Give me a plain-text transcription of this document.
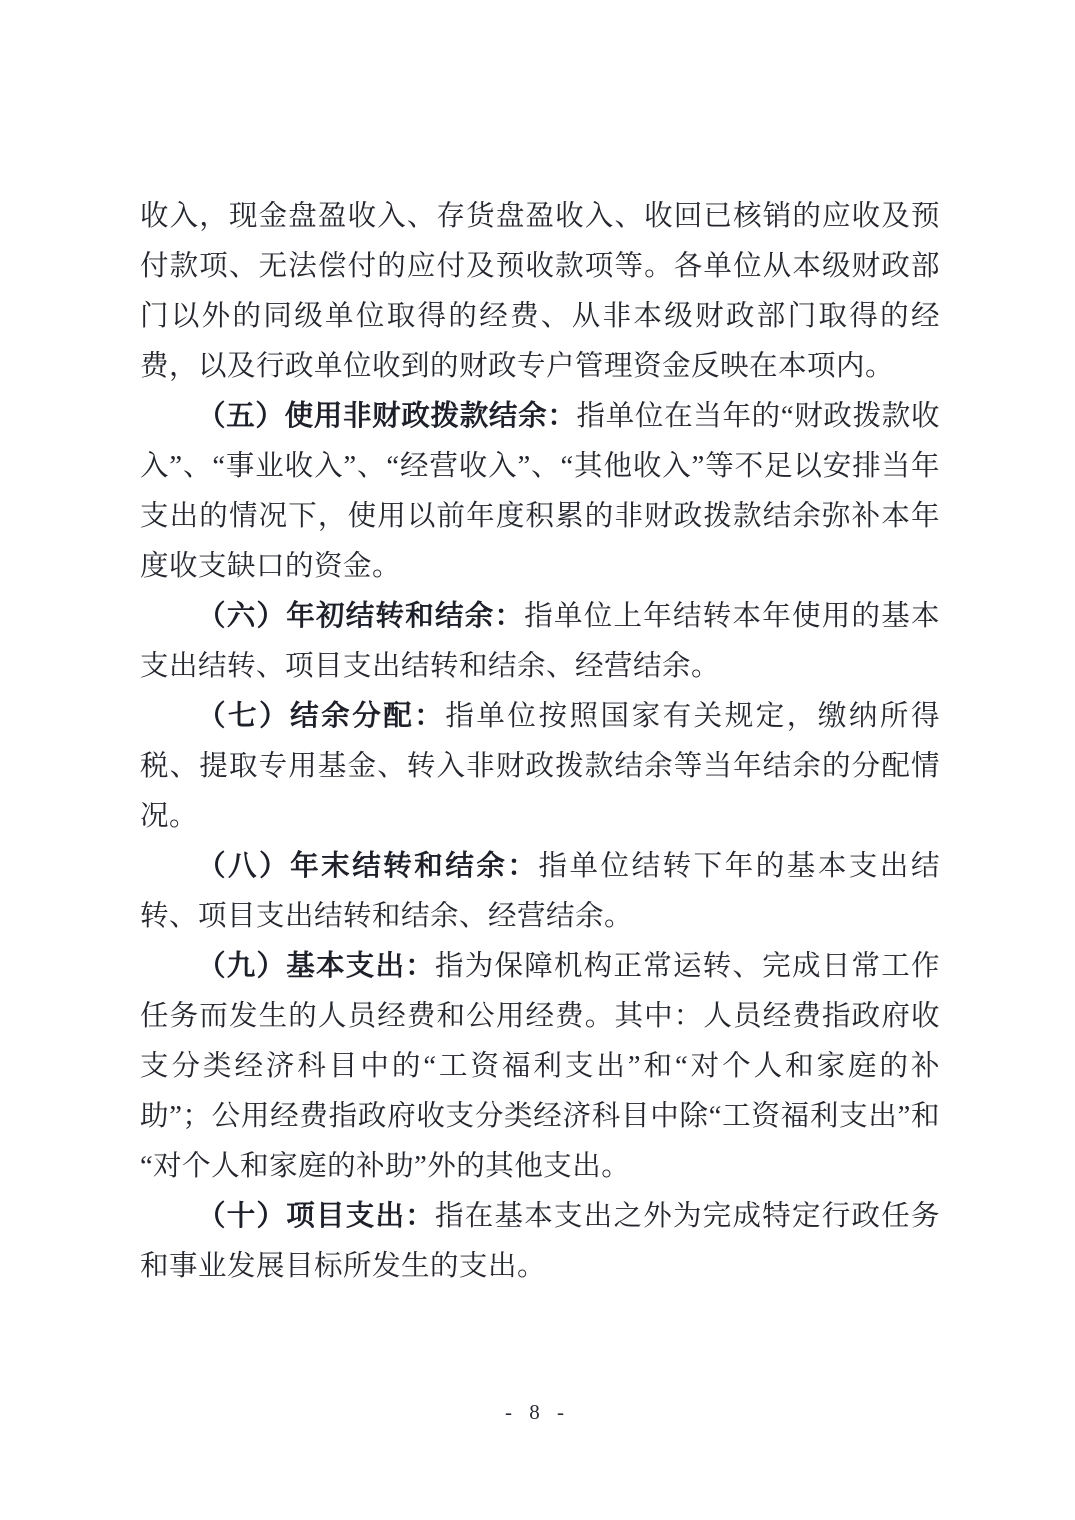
收入，现金盘盈收入、存货盘盈收入、收回已核销的应收及预付款项、无法偿付的应付及预收款项等。各单位从本级财政部门以外的同级单位取得的经费、从非本级财政部门取得的经费，以及行政单位收到的财政专户管理资金反映在本项内。

（五）使用非财政拨款结余：指单位在当年的“财政拨款收入”、“事业收入”、“经营收入”、“其他收入”等不足以安排当年支出的情况下，使用以前年度积累的非财政拨款结余弥补本年度收支缺口的资金。

（六）年初结转和结余：指单位上年结转本年使用的基本支出结转、项目支出结转和结余、经营结余。

（七）结余分配：指单位按照国家有关规定，缴纳所得税、提取专用基金、转入非财政拨款结余等当年结余的分配情况。

（八）年末结转和结余：指单位结转下年的基本支出结转、项目支出结转和结余、经营结余。

（九）基本支出：指为保障机构正常运转、完成日常工作任务而发生的人员经费和公用经费。其中：人员经费指政府收支分类经济科目中的“工资福利支出”和“对个人和家庭的补助”；公用经费指政府收支分类经济科目中除“工资福利支出”和“对个人和家庭的补助”外的其他支出。

（十）项目支出：指在基本支出之外为完成特定行政任务和事业发展目标所发生的支出。

- 8 -
